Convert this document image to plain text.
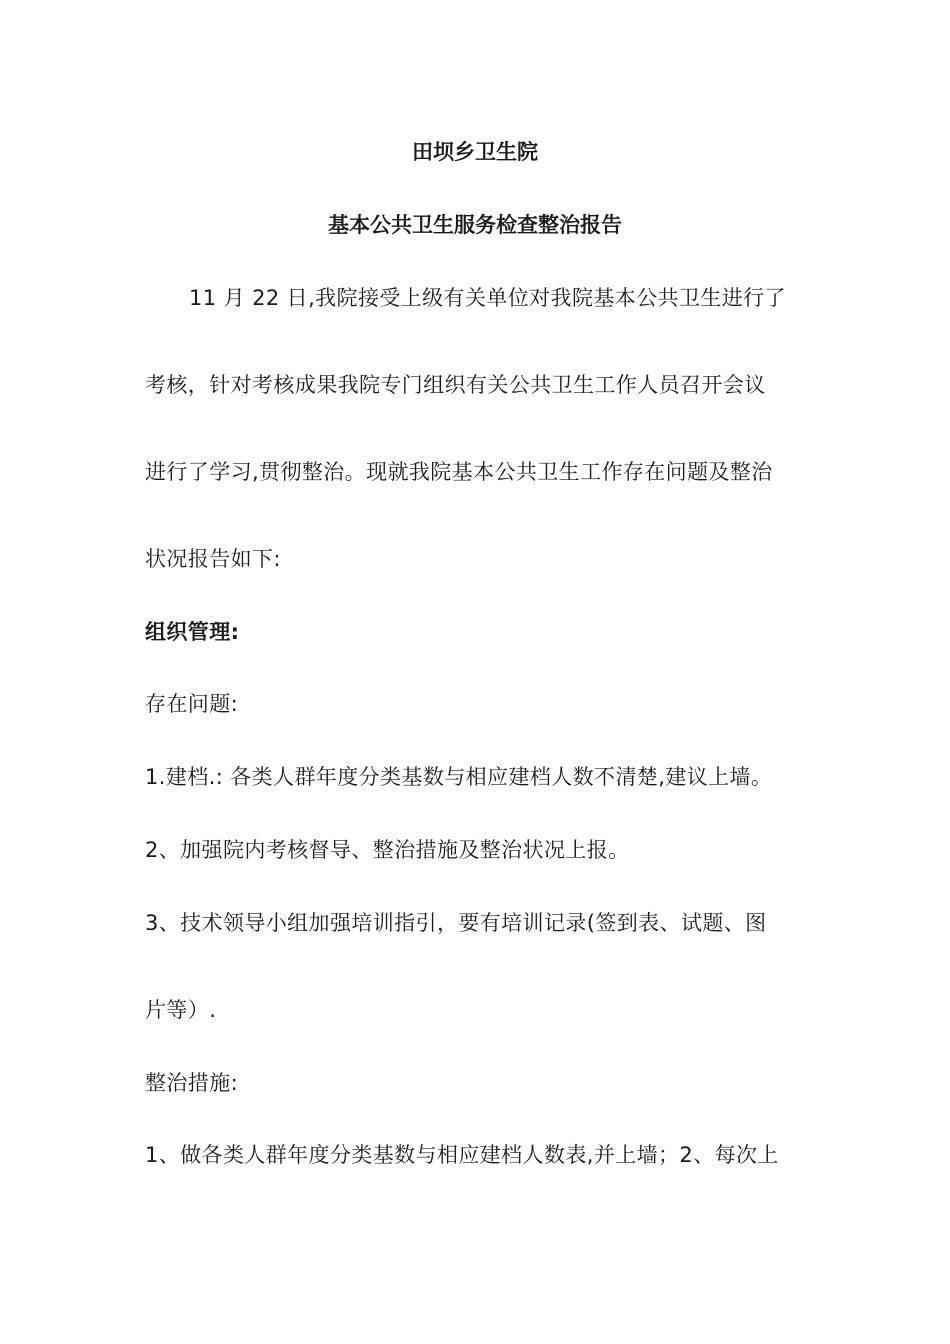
田坝乡卫生院
基本公共卫生服务检查整治报告
11 月 22 日,我院接受上级有关单位对我院基本公共卫生进行了
考核，针对考核成果我院专门组织有关公共卫生工作人员召开会议
进行了学习,贯彻整治。现就我院基本公共卫生工作存在问题及整治
状况报告如下:
组织管理:
存在问题:
1.建档.: 各类人群年度分类基数与相应建档人数不清楚,建议上墙。
2、加强院内考核督导、整治措施及整治状况上报。
3、技术领导小组加强培训指引，要有培训记录(签到表、试题、图
片等）.
整治措施:
1、做各类人群年度分类基数与相应建档人数表,并上墙；2、每次上
